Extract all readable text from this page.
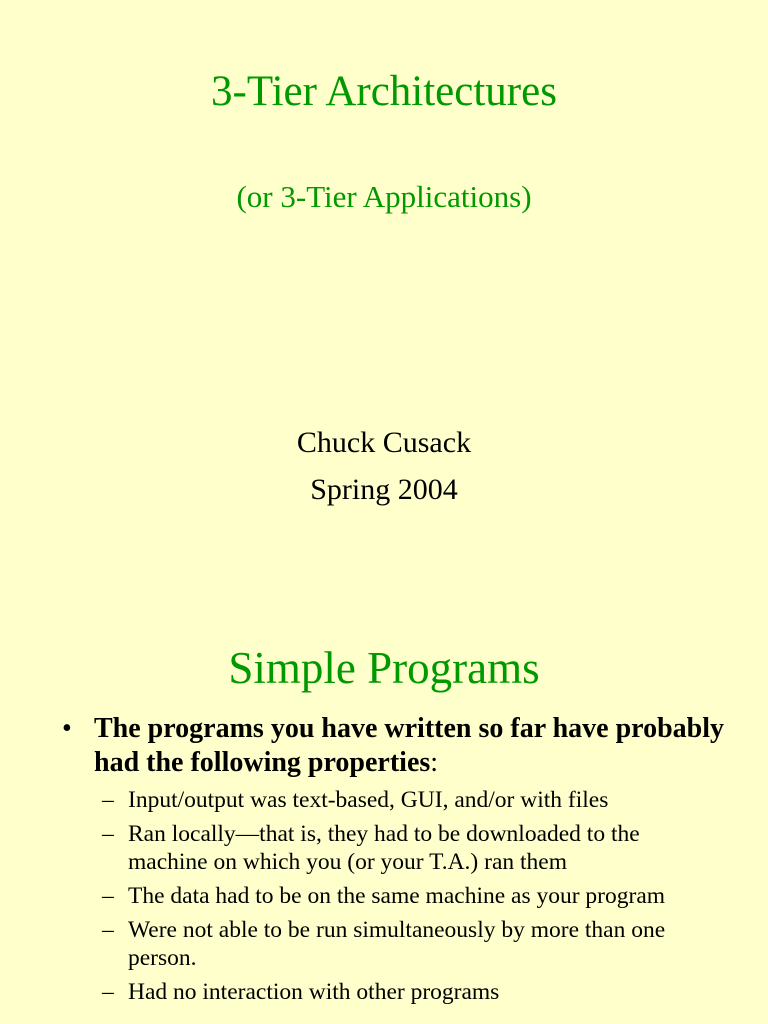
3-Tier Architectures
(or 3-Tier Applications)
Chuck Cusack
Spring 2004
Simple Programs
• The programs you have written so far have probably had the following properties:
– Input/output was text-based, GUI, and/or with files
– Ran locally—that is, they had to be downloaded to the machine on which you (or your T.A.) ran them
– The data had to be on the same machine as your program
– Were not able to be run simultaneously by more than one person.
– Had no interaction with other programs
